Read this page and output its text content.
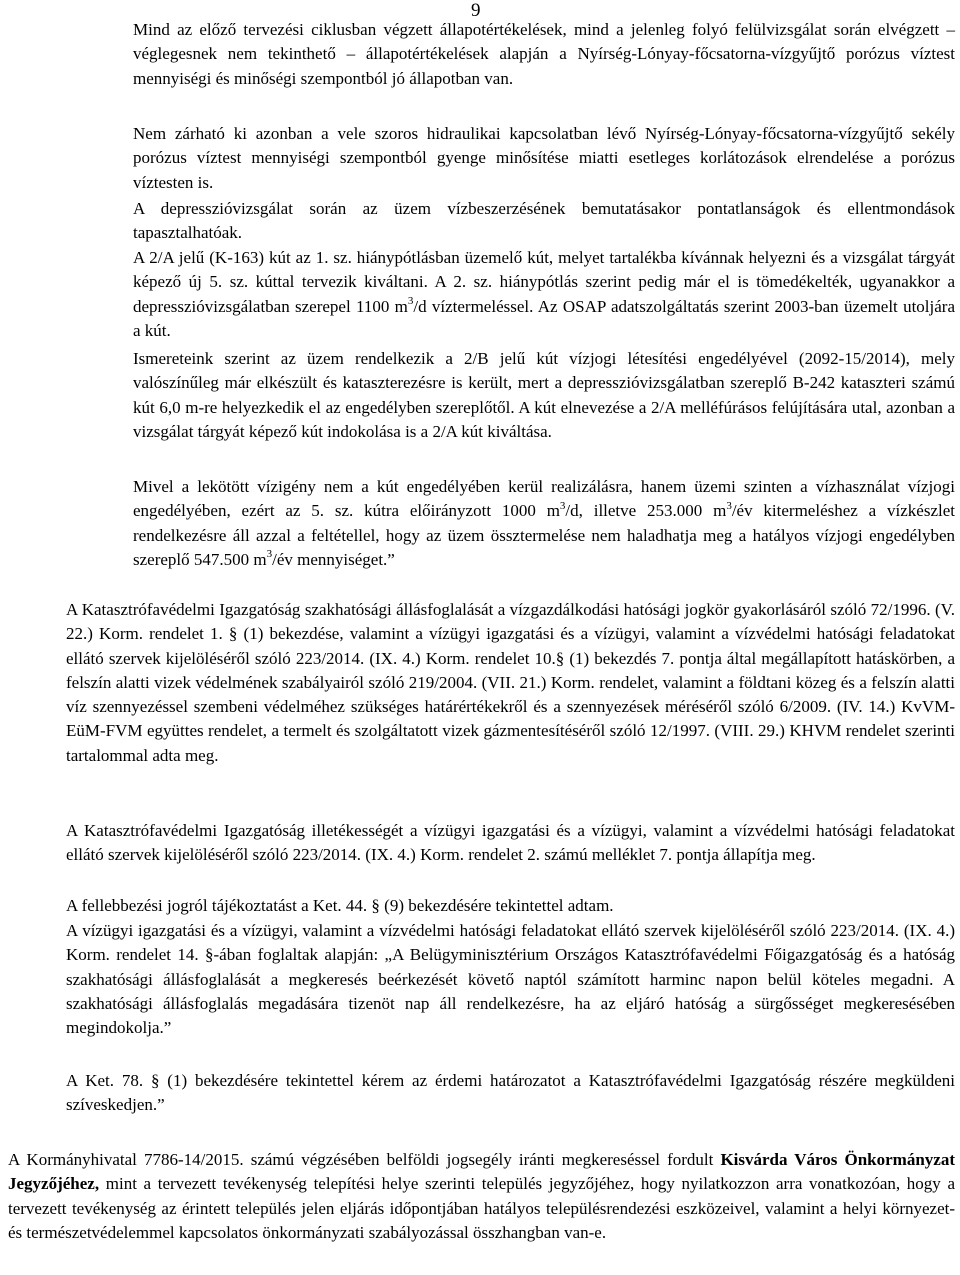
9

Mind az előző tervezési ciklusban végzett állapotértékelések, mind a jelenleg folyó felülvizsgálat során elvégzett – véglegesnek nem tekinthető – állapotértékelések alapján a Nyírség-Lónyay-főcsatorna-vízgyűjtő porózus víztest mennyiségi és minőségi szempontból jó állapotban van.

Nem zárható ki azonban a vele szoros hidraulikai kapcsolatban lévő Nyírség-Lónyay-főcsatorna-vízgyűjtő sekély porózus víztest mennyiségi szempontból gyenge minősítése miatti esetleges korlátozások elrendelése a porózus víztesten is.

A depresszióvizsgálat során az üzem vízbeszerzésének bemutatásakor pontatlanságok és ellentmondások tapasztalhatóak.

A 2/A jelű (K-163) kút az 1. sz. hiánypótlásban üzemelő kút, melyet tartalékba kívánnak helyezni és a vizsgálat tárgyát képező új 5. sz. kúttal tervezik kiváltani. A 2. sz. hiánypótlás szerint pedig már el is tömedékelték, ugyanakkor a depresszióvizsgálatban szerepel 1100 $m^3/d$ víztermeléssel. Az OSAP adatszolgáltatás szerint 2003-ban üzemelt utoljára a kút.

Ismereteink szerint az üzem rendelkezik a 2/B jelű kút vízjogi létesítési engedélyével (2092-15/2014), mely valószínűleg már elkészült és kataszterezésre is került, mert a depresszióvizsgálatban szereplő B-242 kataszteri számú kút 6,0 m-re helyezkedik el az engedélyben szereplőtől. A kút elnevezése a 2/A melléfúrásos felújítására utal, azonban a vizsgálat tárgyát képező kút indokolása is a 2/A kút kiváltása.

Mivel a lekötött vízigény nem a kút engedélyében kerül realizálásra, hanem üzemi szinten a vízhasználat vízjogi engedélyében, ezért az 5. sz. kútra előirányzott 1000 $m^3/d$, illetve 253.000 $m^3/év$ kitermeléshez a vízkészlet rendelkezésre áll azzal a feltétellel, hogy az üzem össztermelése nem haladhatja meg a hatályos vízjogi engedélyben szereplő 547.500 $m^3/év$ mennyiséget.”

A Katasztrófavédelmi Igazgatóság szakhatósági állásfoglalását a vízgazdálkodási hatósági jogkör gyakorlásáról szóló 72/1996. (V. 22.) Korm. rendelet 1. § (1) bekezdése, valamint a vízügyi igazgatási és a vízügyi, valamint a vízvédelmi hatósági feladatokat ellátó szervek kijelöléséről szóló 223/2014. (IX. 4.) Korm. rendelet 10.§ (1) bekezdés 7. pontja által megállapított hatáskörben, a felszín alatti vizek védelmének szabályairól szóló 219/2004. (VII. 21.) Korm. rendelet, valamint a földtani közeg és a felszín alatti víz szennyezéssel szembeni védelméhez szükséges határértékekről és a szennyezések méréséről szóló 6/2009. (IV. 14.) KvVM-EüM-FVM együttes rendelet, a termelt és szolgáltatott vizek gázmentesítéséről szóló 12/1997. (VIII. 29.) KHVM rendelet szerinti tartalommal adta meg.

A Katasztrófavédelmi Igazgatóság illetékességét a vízügyi igazgatási és a vízügyi, valamint a vízvédelmi hatósági feladatokat ellátó szervek kijelöléséről szóló 223/2014. (IX. 4.) Korm. rendelet 2. számú melléklet 7. pontja állapítja meg.

A fellebbezési jogról tájékoztatást a Ket. 44. § (9) bekezdésére tekintettel adtam.

A vízügyi igazgatási és a vízügyi, valamint a vízvédelmi hatósági feladatokat ellátó szervek kijelöléséről szóló 223/2014. (IX. 4.) Korm. rendelet 14. §-ában foglaltak alapján: „A Belügyminisztérium Országos Katasztrófavédelmi Főigazgatóság és a hatóság szakhatósági állásfoglalását a megkeresés beérkezését követő naptól számított harminc napon belül köteles megadni. A szakhatósági állásfoglalás megadására tizenöt nap áll rendelkezésre, ha az eljáró hatóság a sürgősséget megkeresésében megindokolja.”

A Ket. 78. § (1) bekezdésére tekintettel kérem az érdemi határozatot a Katasztrófavédelmi Igazgatóság részére megküldeni szíveskedjen.”

A Kormányhivatal 7786-14/2015. számú végzésében belföldi jogsegély iránti megkereséssel fordult Kisvárda Város Önkormányzat Jegyzőjéhez, mint a tervezett tevékenység telepítési helye szerinti település jegyzőjéhez, hogy nyilatkozzon arra vonatkozóan, hogy a tervezett tevékenység az érintett település jelen eljárás időpontjában hatályos településrendezési eszközeivel, valamint a helyi környezet- és természetvédelemmel kapcsolatos önkormányzati szabályozással összhangban van-e.
